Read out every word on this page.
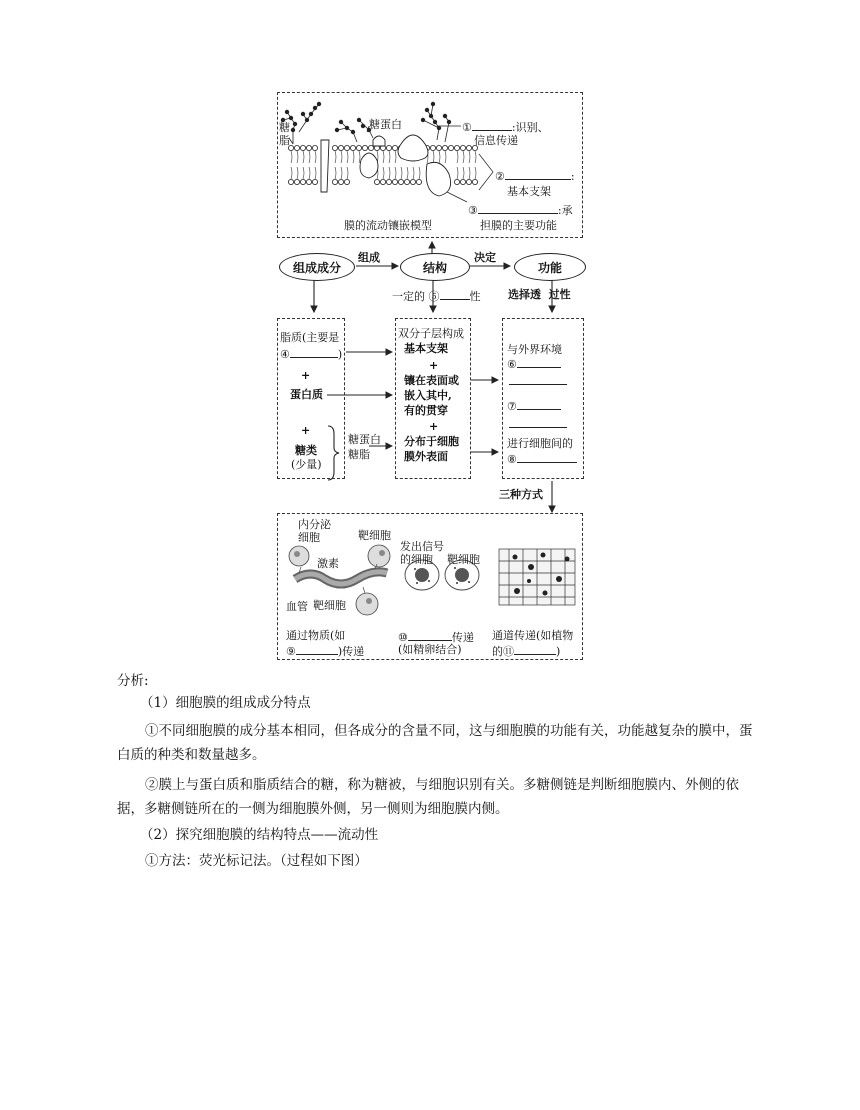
糖脂
糖蛋白	①	:识别、
信息传递
②	:
基本支架
③	:承
担膜的主要功能
膜的流动镶嵌模型
组成成分	结构	功能
组成	决定
一定的 ⑤	性	选择透  过性
脂质(主要是
④	)
+
蛋白质
+
糖类
(少量)
糖蛋白
糖脂
双分子层构成
基本支架
+
镶在表面或
嵌入其中,
有的贯穿
+
分布于细胞
膜外表面
与外界环境
⑥
⑦
进行细胞间的
⑧
三种方式
内分泌
细胞	靶细胞
激素
血管 靶细胞
发出信号
的细胞 靶细胞
通过物质(如
⑨	)传递
⑩	传递
(如精卵结合)
通道传递(如植物
的⑪	)
分析:
（1）细胞膜的组成成分特点
①不同细胞膜的成分基本相同，但各成分的含量不同，这与细胞膜的功能有关，功能越复杂的膜中，蛋
白质的种类和数量越多。
②膜上与蛋白质和脂质结合的糖，称为糖被，与细胞识别有关。多糖侧链是判断细胞膜内、外侧的依
据，多糖侧链所在的一侧为细胞膜外侧，另一侧则为细胞膜内侧。
（2）探究细胞膜的结构特点——流动性
①方法：荧光标记法。（过程如下图）
